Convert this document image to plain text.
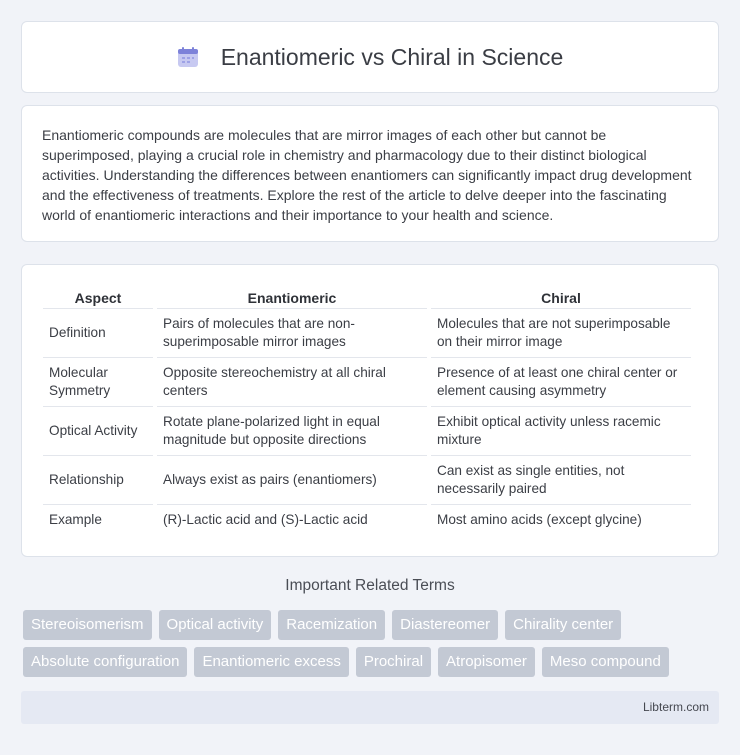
Enantiomeric vs Chiral in Science

Enantiomeric compounds are molecules that are mirror images of each other but cannot be superimposed, playing a crucial role in chemistry and pharmacology due to their distinct biological activities. Understanding the differences between enantiomers can significantly impact drug development and the effectiveness of treatments. Explore the rest of the article to delve deeper into the fascinating world of enantiomeric interactions and their importance to your health and science.

Aspect	Enantiomeric	Chiral
Definition	Pairs of molecules that are non-superimposable mirror images	Molecules that are not superimposable on their mirror image
Molecular Symmetry	Opposite stereochemistry at all chiral centers	Presence of at least one chiral center or element causing asymmetry
Optical Activity	Rotate plane-polarized light in equal magnitude but opposite directions	Exhibit optical activity unless racemic mixture
Relationship	Always exist as pairs (enantiomers)	Can exist as single entities, not necessarily paired
Example	(R)-Lactic acid and (S)-Lactic acid	Most amino acids (except glycine)
Important Related Terms
Stereoisomerism	Optical activity	Racemization	Diastereomer	Chirality center
Absolute configuration	Enantiomeric excess	Prochiral	Atropisomer	Meso compound
Libterm.com
